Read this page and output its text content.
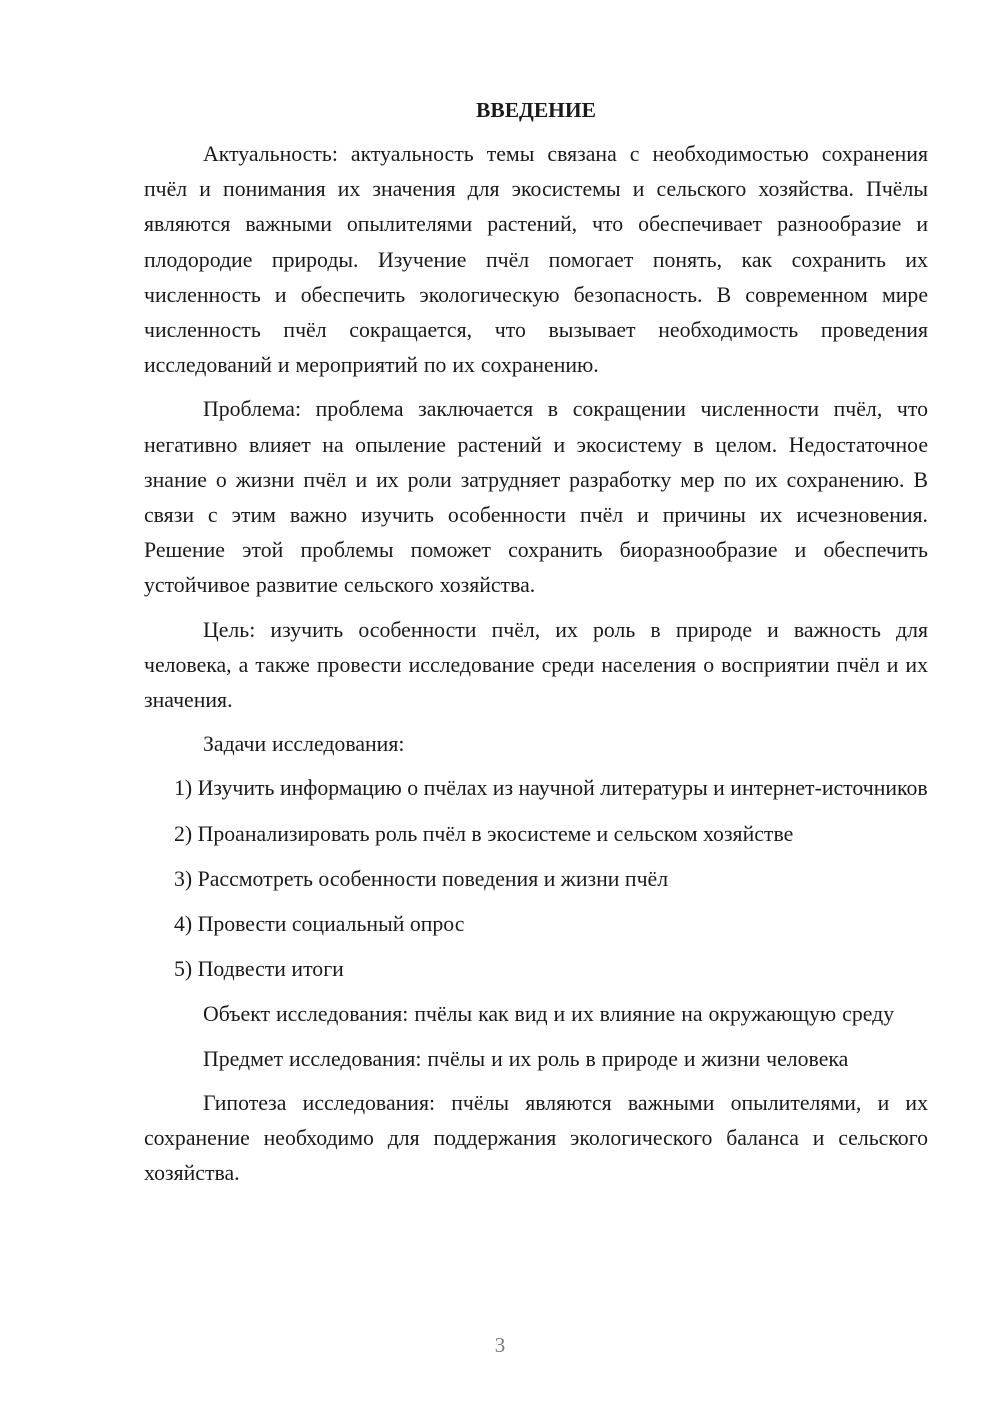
ВВЕДЕНИЕ

Актуальность: актуальность темы связана с необходимостью сохранения пчёл и понимания их значения для экосистемы и сельского хозяйства. Пчёлы являются важными опылителями растений, что обеспечивает разнообразие и плодородие природы. Изучение пчёл помогает понять, как сохранить их численность и обеспечить экологическую безопасность. В современном мире численность пчёл сокращается, что вызывает необходимость проведения исследований и мероприятий по их сохранению.

Проблема: проблема заключается в сокращении численности пчёл, что негативно влияет на опыление растений и экосистему в целом. Недостаточное знание о жизни пчёл и их роли затрудняет разработку мер по их сохранению. В связи с этим важно изучить особенности пчёл и причины их исчезновения. Решение этой проблемы поможет сохранить биоразнообразие и обеспечить устойчивое развитие сельского хозяйства.

Цель: изучить особенности пчёл, их роль в природе и важность для человека, а также провести исследование среди населения о восприятии пчёл и их значения.

Задачи исследования:

1) Изучить информацию о пчёлах из научной литературы и интернет-источников

2) Проанализировать роль пчёл в экосистеме и сельском хозяйстве

3) Рассмотреть особенности поведения и жизни пчёл

4) Провести социальный опрос

5) Подвести итоги

Объект исследования: пчёлы как вид и их влияние на окружающую среду

Предмет исследования: пчёлы и их роль в природе и жизни человека

Гипотеза исследования: пчёлы являются важными опылителями, и их сохранение необходимо для поддержания экологического баланса и сельского хозяйства.

3
